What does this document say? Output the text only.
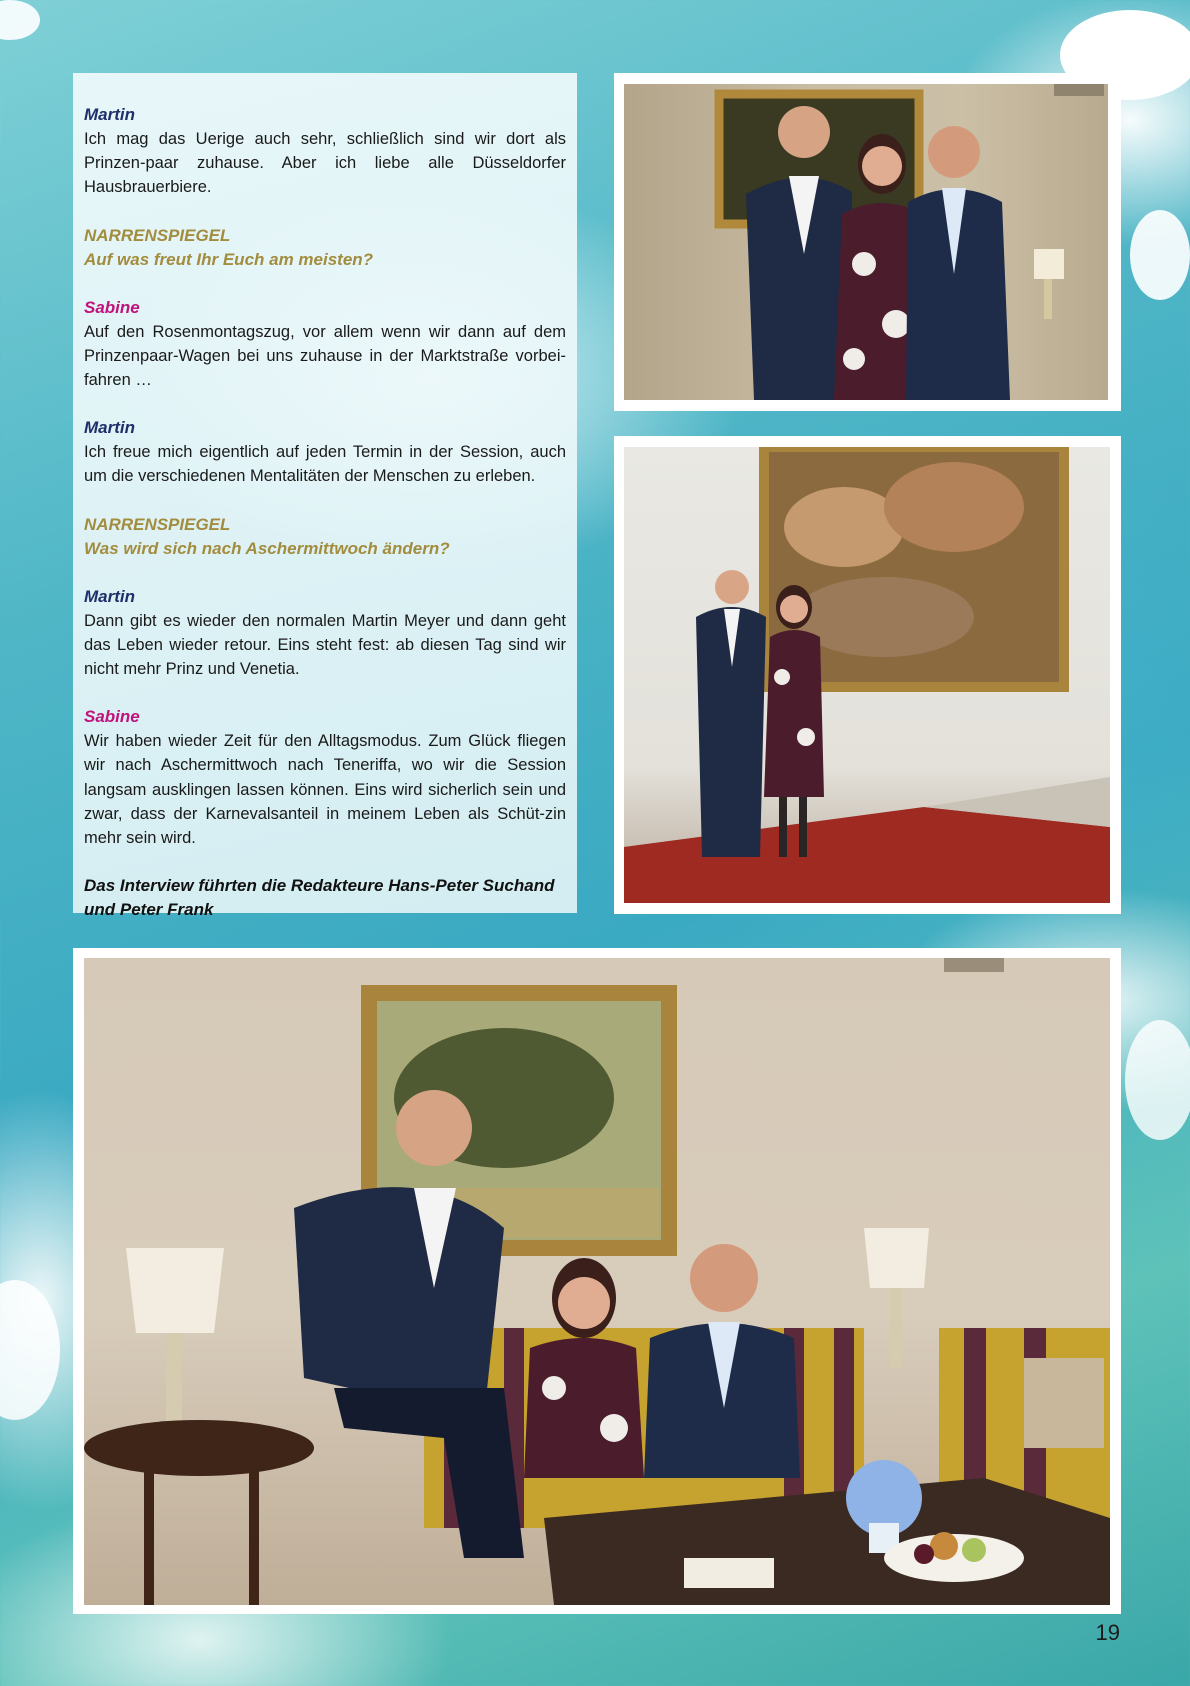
Martin

Ich mag das Uerige auch sehr, schließlich sind wir dort als Prinzen-paar zuhause. Aber ich liebe alle Düsseldorfer Hausbrauerbiere.

NARRENSPIEGEL

Auf was freut Ihr Euch am meisten?

Sabine

Auf den Rosenmontagszug, vor allem wenn wir dann auf dem Prinzenpaar-Wagen bei uns zuhause in der Marktstraße vorbei-fahren …

Martin

Ich freue mich eigentlich auf jeden Termin in der Session, auch um die verschiedenen Mentalitäten der Menschen zu erleben.

NARRENSPIEGEL

Was wird sich nach Aschermittwoch ändern?

Martin

Dann gibt es wieder den normalen Martin Meyer und dann geht das Leben wieder retour. Eins steht fest: ab diesen Tag sind wir nicht mehr Prinz und Venetia.

Sabine

Wir haben wieder Zeit für den Alltagsmodus. Zum Glück fliegen wir nach Aschermittwoch nach Teneriffa, wo wir die Session langsam ausklingen lassen können. Eins wird sicherlich sein und zwar, dass der Karnevalsanteil in meinem Leben als Schüt-zin mehr sein wird.

Das Interview führten die Redakteure Hans-Peter Suchand und Peter Frank

19
